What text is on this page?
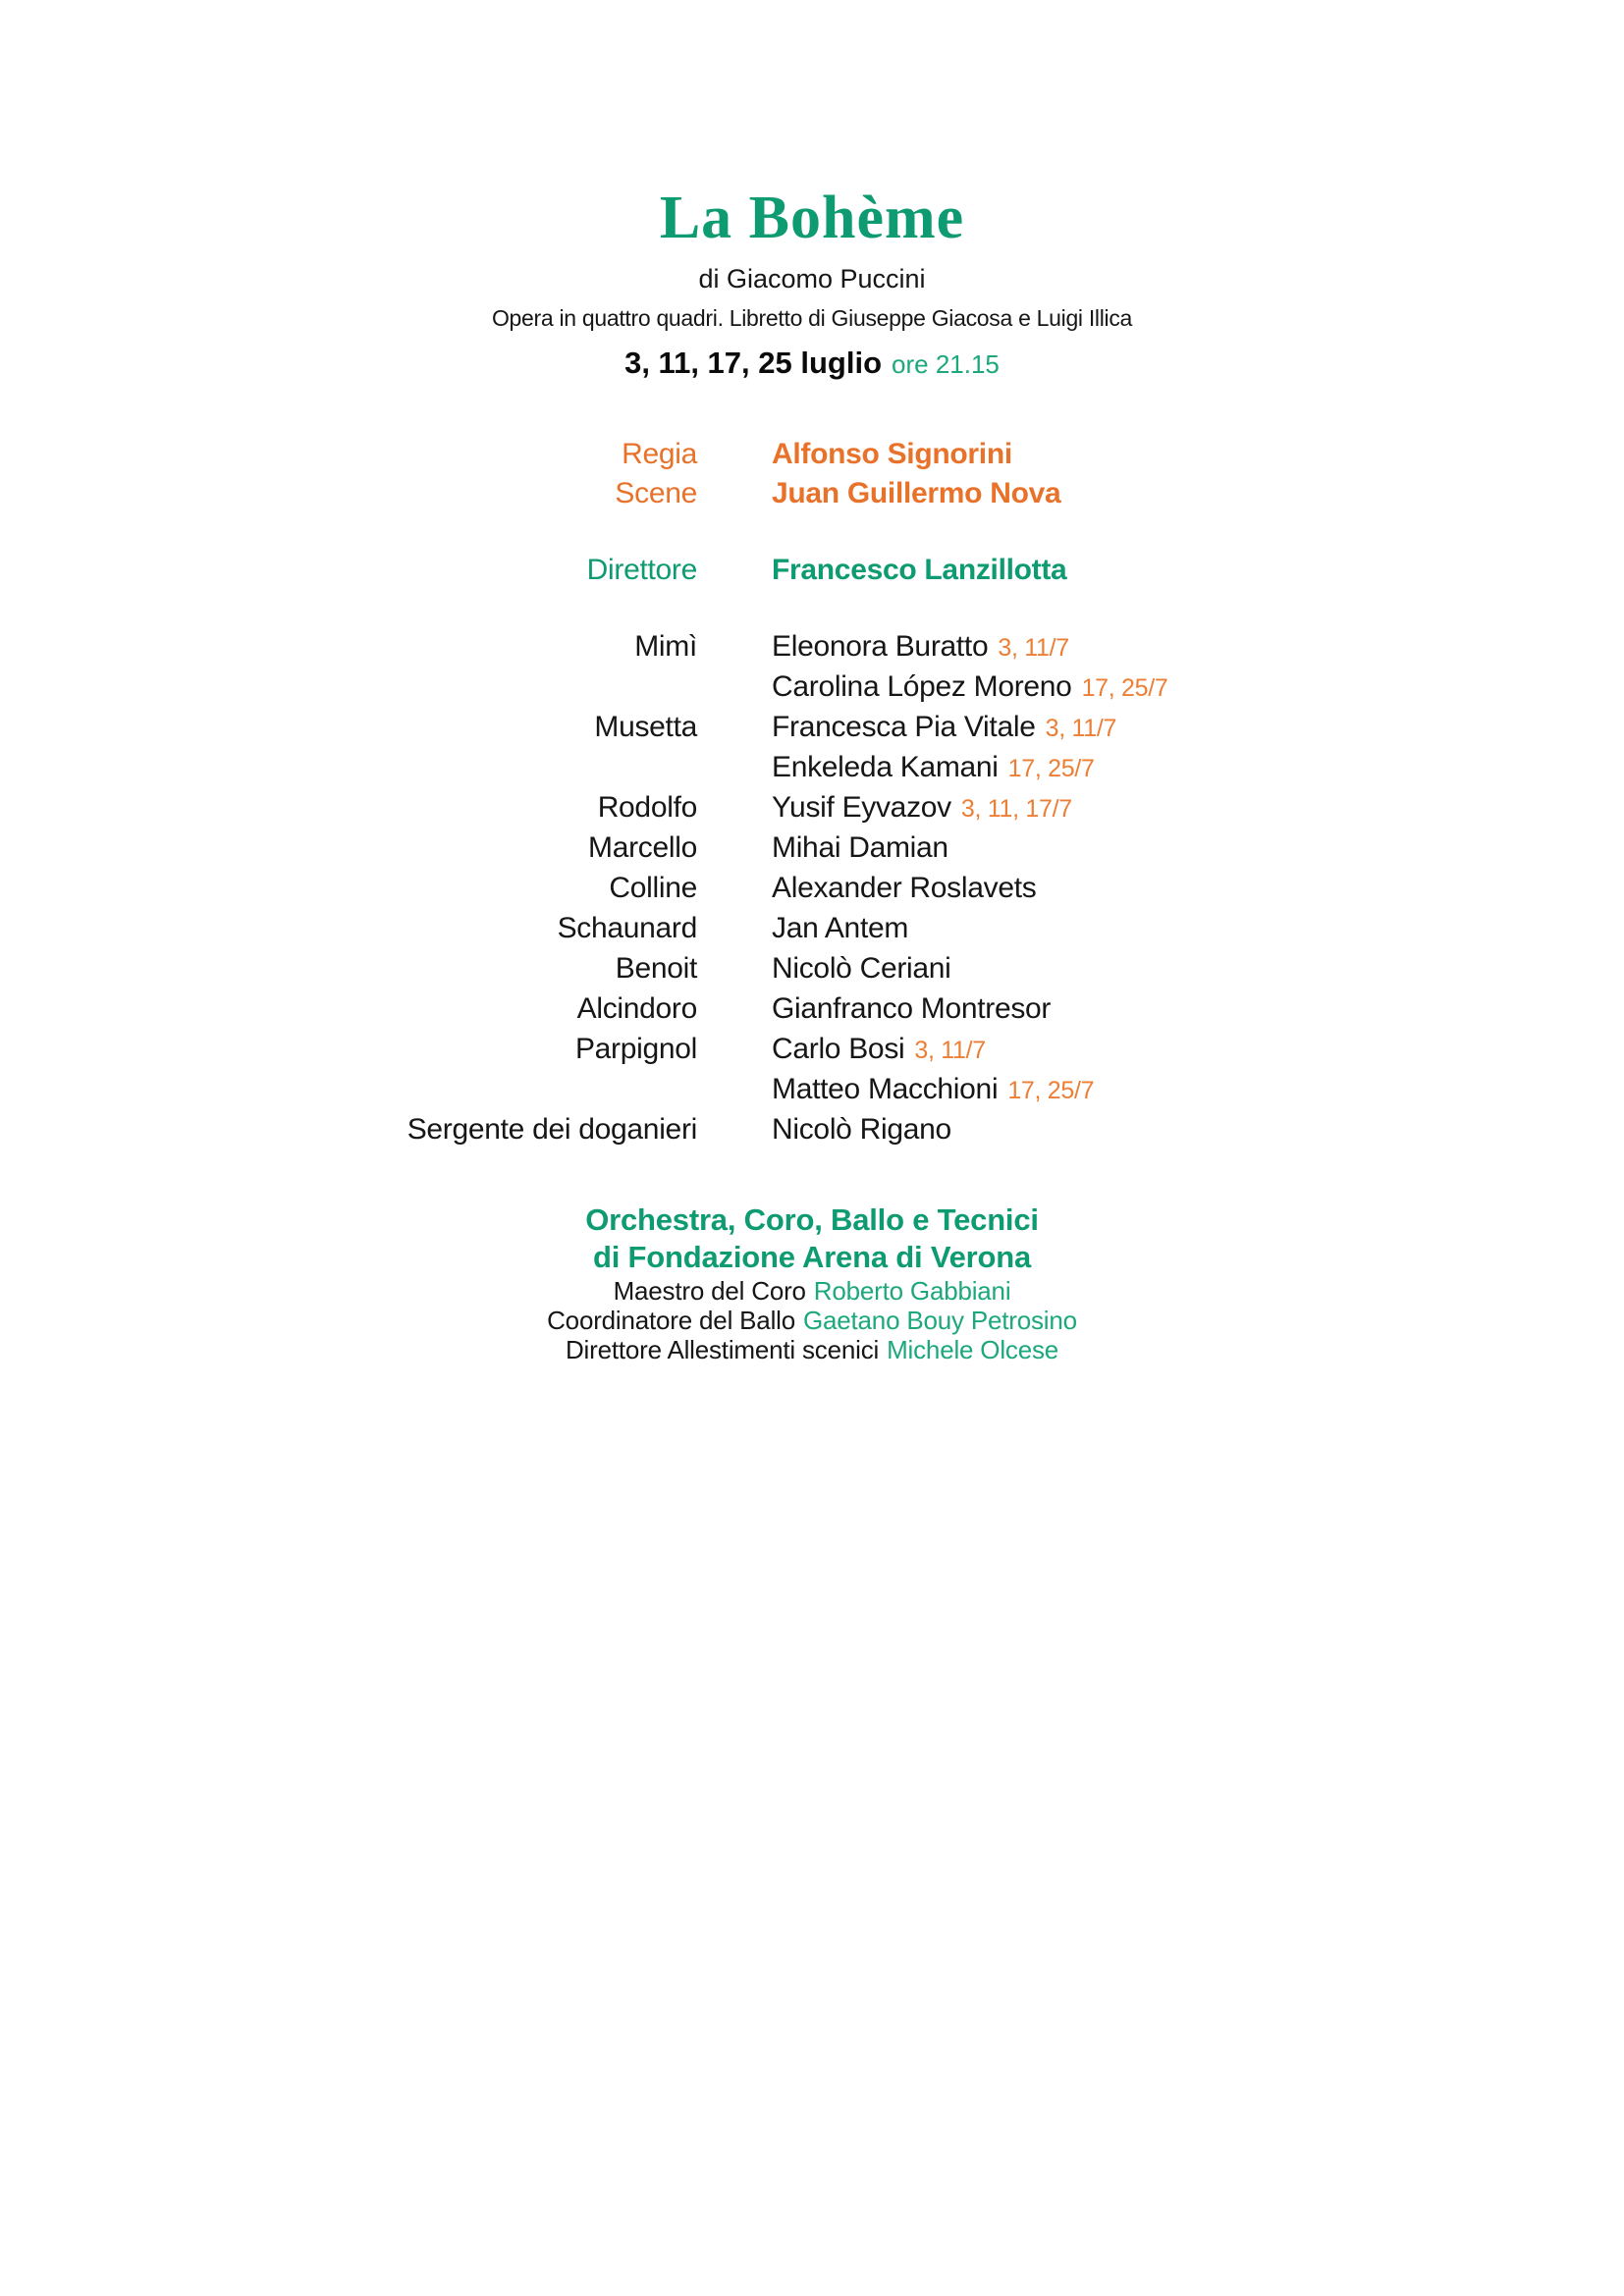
La Bohème
di Giacomo Puccini
Opera in quattro quadri. Libretto di Giuseppe Giacosa e Luigi Illica
3, 11, 17, 25 luglio ore 21.15
Regia	Alfonso Signorini
Scene	Juan Guillermo Nova
Direttore	Francesco Lanzillotta
Mimì	Eleonora Buratto 3, 11/7
Carolina López Moreno 17, 25/7
Musetta	Francesca Pia Vitale 3, 11/7
Enkeleda Kamani 17, 25/7
Rodolfo	Yusif Eyvazov 3, 11, 17/7
Marcello	Mihai Damian
Colline	Alexander Roslavets
Schaunard	Jan Antem
Benoit	Nicolò Ceriani
Alcindoro	Gianfranco Montresor
Parpignol	Carlo Bosi 3, 11/7
Matteo Macchioni 17, 25/7
Sergente dei doganieri	Nicolò Rigano
Orchestra, Coro, Ballo e Tecnici
di Fondazione Arena di Verona
Maestro del Coro Roberto Gabbiani
Coordinatore del Ballo Gaetano Bouy Petrosino
Direttore Allestimenti scenici Michele Olcese
